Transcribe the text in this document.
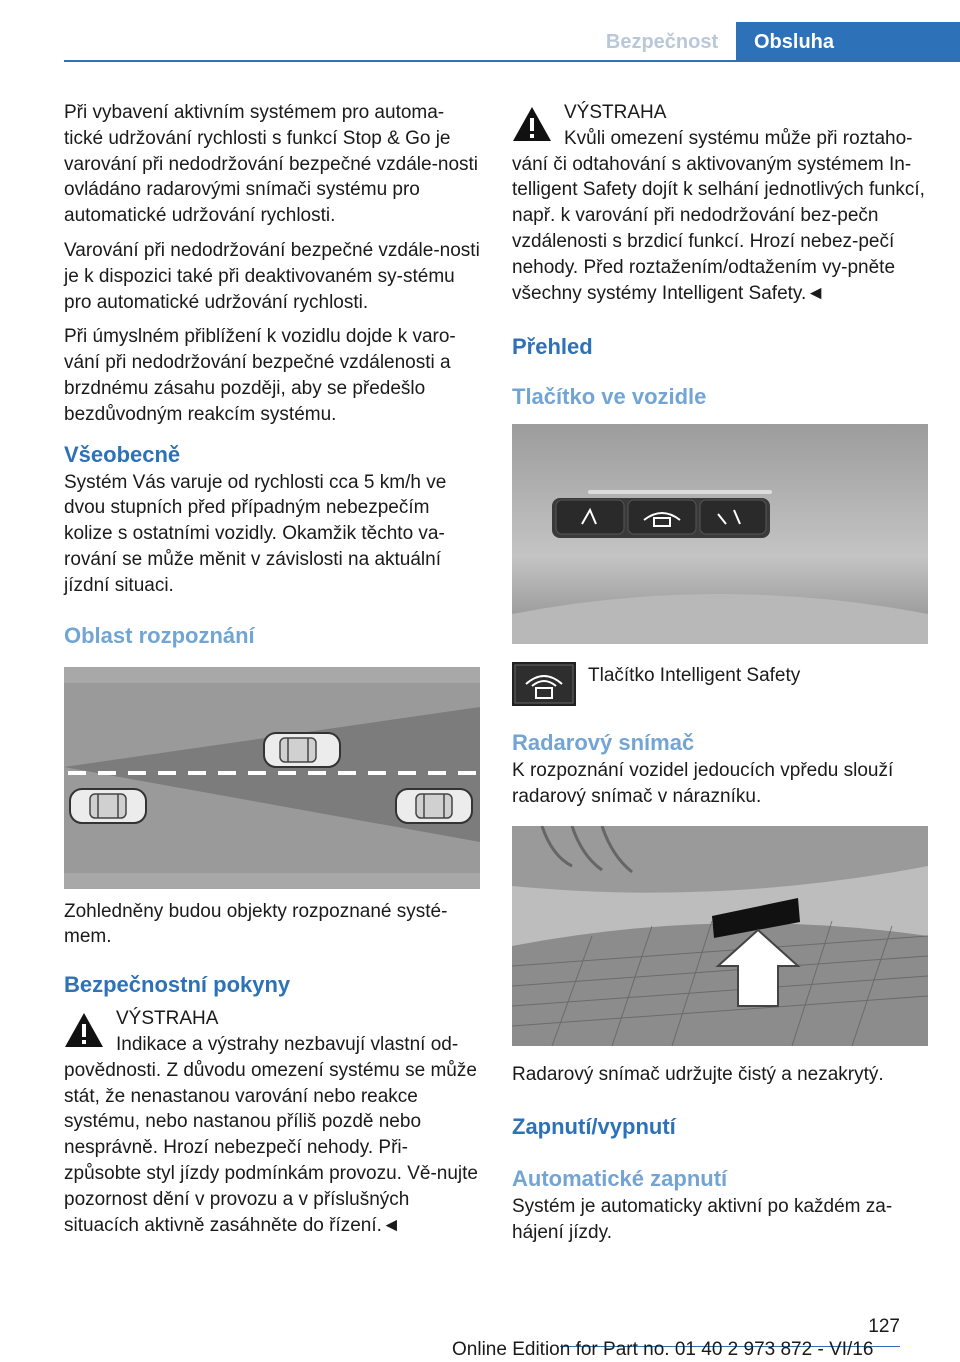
Bezpečnost	Obsluha

Při vybavení aktivním systémem pro automa-tické udržování rychlosti s funkcí Stop & Go je varování při nedodržování bezpečné vzdále-nosti ovládáno radarovými snímači systému pro automatické udržování rychlosti.

Varování při nedodržování bezpečné vzdále-nosti je k dispozici také při deaktivovaném sy-stému pro automatické udržování rychlosti.

Při úmyslném přiblížení k vozidlu dojde k varo-vání při nedodržování bezpečné vzdálenosti a brzdnému zásahu později, aby se předešlo bezdůvodným reakcím systému.

Všeobecně

Systém Vás varuje od rychlosti cca 5 km/h ve dvou stupních před případným nebezpečím kolize s ostatními vozidly. Okamžik těchto va-rování se může měnit v závislosti na aktuální jízdní situaci.

Oblast rozpoznání

Zohledněny budou objekty rozpoznané systé-mem.

Bezpečnostní pokyny
VÝSTRAHA
Indikace a výstrahy nezbavují vlastní od-povědnosti. Z důvodu omezení systému se může stát, že nenastanou varování nebo reakce systému, nebo nastanou příliš pozdě nebo nesprávně. Hrozí nebezpečí nehody. Při-způsobte styl jízdy podmínkám provozu. Vě-nujte pozornost dění v provozu a v příslušných situacích aktivně zasáhněte do řízení.◄
VÝSTRAHA
Kvůli omezení systému může při roztaho-vání či odtahování s aktivovaným systémem In-telligent Safety dojít k selhání jednotlivých funkcí, např. k varování při nedodržování bez-pečn vzdálenosti s brzdicí funkcí. Hrozí nebez-pečí nehody. Před roztažením/odtažením vy-pněte všechny systémy Intelligent Safety.◄
Přehled
Tlačítko ve vozidle
Tlačítko Intelligent Safety
Radarový snímač

K rozpoznání vozidel jedoucích vpředu slouží radarový snímač v nárazníku.

Radarový snímač udržujte čistý a nezakrytý.

Zapnutí/vypnutí
Automatické zapnutí

Systém je automaticky aktivní po každém za-hájení jízdy.

127
Online Edition for Part no. 01 40 2 973 872 - VI/16
